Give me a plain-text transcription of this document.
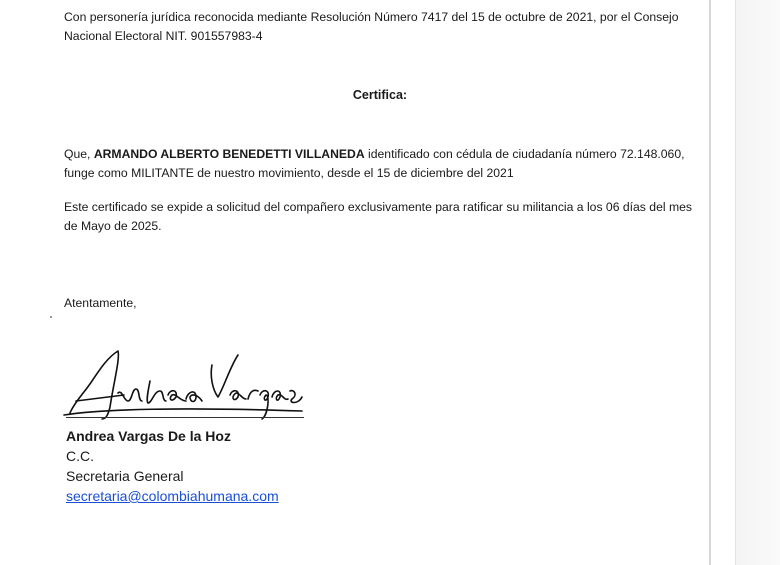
Con personería jurídica reconocida mediante Resolución Número 7417 del 15 de octubre de 2021, por el Consejo Nacional Electoral NIT. 901557983-4

Certifica:

Que, ARMANDO ALBERTO BENEDETTI VILLANEDA identificado con cédula de ciudadanía número 72.148.060, funge como MILITANTE de nuestro movimiento, desde el 15 de diciembre del 2021

Este certificado se expide a solicitud del compañero exclusivamente para ratificar su militancia a los 06 días del mes de Mayo de 2025.

Atentamente,

Andrea Vargas De la Hoz
C.C.
Secretaria General
secretaria@colombiahumana.com
